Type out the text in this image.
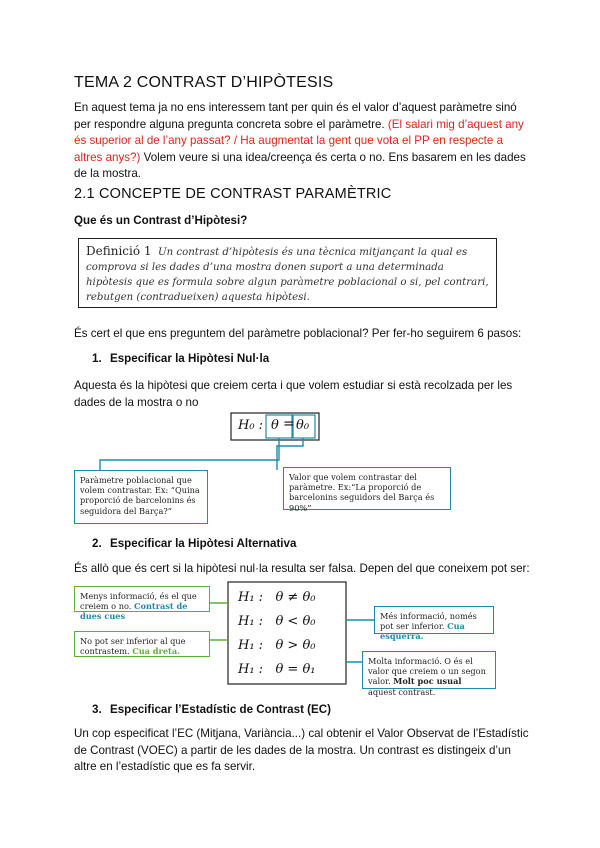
TEMA 2 CONTRAST D’HIPÒTESIS
En aquest tema ja no ens interessem tant per quin és el valor d’aquest paràmetre sinó per respondre alguna pregunta concreta sobre el paràmetre. (El salari mig d’aquest any és superior al de l’any passat? / Ha augmentat la gent que vota el PP en respecte a altres anys?) Volem veure si una idea/creença és certa o no. Ens basarem en les dades de la mostra.
2.1 CONCEPTE DE CONTRAST PARAMÈTRIC
Que és un Contrast d’Hipòtesi?
Definició 1 Un contrast d’hipòtesis és una tècnica mitjançant la qual es comprova si les dades d’una mostra donen suport a una determinada hipòtesis que es formula sobre algun paràmetre poblacional o si, pel contrari, rebutgen (contradueixen) aquesta hipòtesi.
És cert el que ens preguntem del paràmetre poblacional? Per fer-ho seguirem 6 pasos:
1. Especificar la Hipòtesi Nul·la
Aquesta és la hipòtesi que creiem certa i que volem estudiar si està recolzada per les dades de la mostra o no
H₀ : θ = θ₀
Paràmetre poblacional que volem contrastar. Ex: “Quina proporció de barcelonins és seguidora del Barça?”
Valor que volem contrastar del paràmetre. Ex:“La proporció de barcelonins seguidors del Barça és 90%”
2. Especificar la Hipòtesi Alternativa
És allò que és cert si la hipòtesi nul·la resulta ser falsa. Depen del que coneixem pot ser:
H₁ :   θ ≠ θ₀
H₁ :   θ < θ₀
H₁ :   θ > θ₀
H₁ :   θ = θ₁
Menys informació, és el que creiem o no. Contrast de dues cues
No pot ser inferior al que contrastem. Cua dreta.
Més informació, només pot ser inferior. Cua esquerra.
Molta informació. O és el valor que creiem o un segon valor. Molt poc usual aquest contrast.
3. Especificar l’Estadístic de Contrast (EC)
Un cop especificat l’EC (Mitjana, Variància...) cal obtenir el Valor Observat de l’Estadístic de Contrast (VOEC) a partir de les dades de la mostra. Un contrast es distingeix d’un altre en l’estadístic que es fa servir.
